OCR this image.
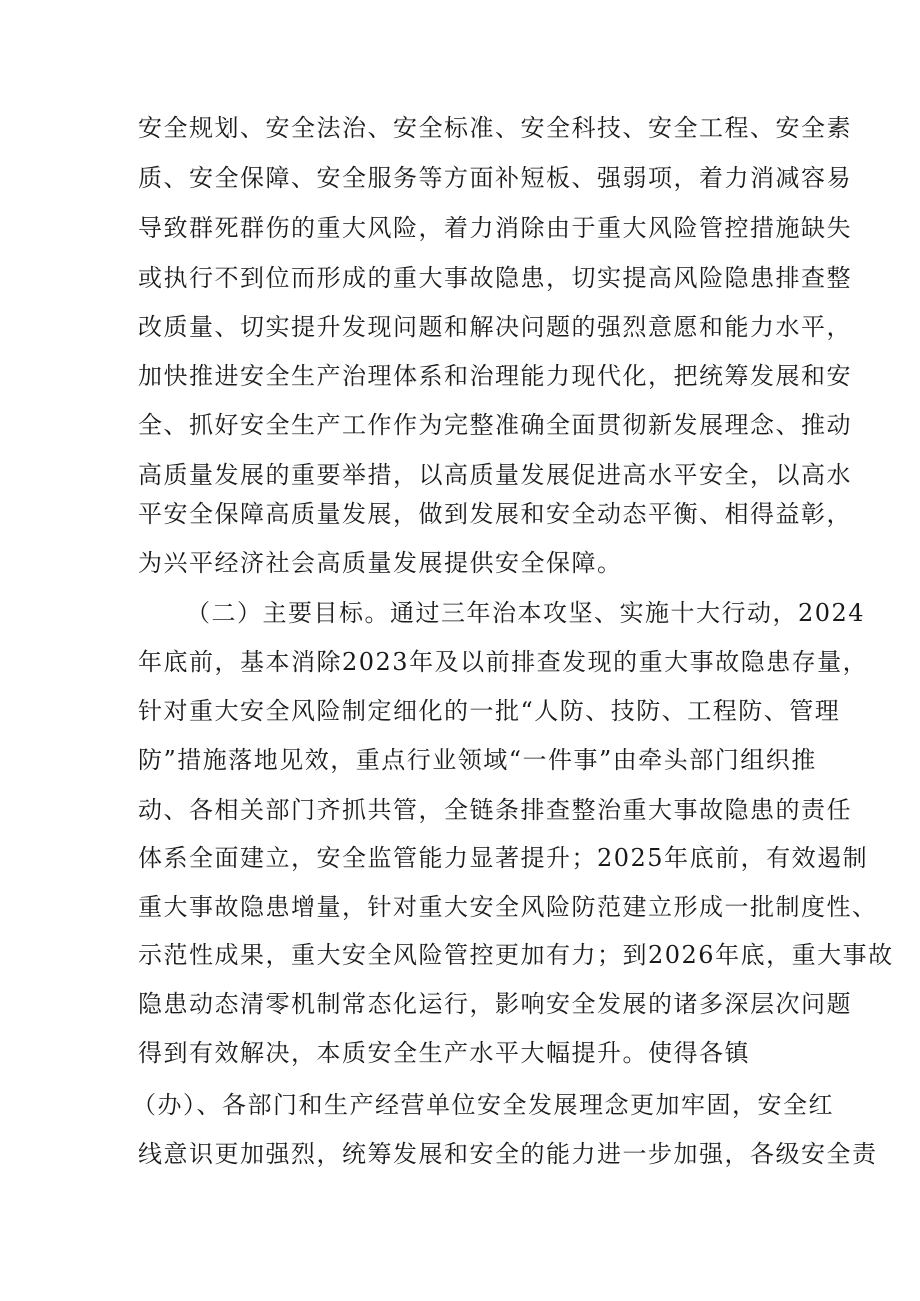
安全规划、安全法治、安全标准、安全科技、安全工程、安全素
质、安全保障、安全服务等方面补短板、强弱项，着力消减容易
导致群死群伤的重大风险，着力消除由于重大风险管控措施缺失
或执行不到位而形成的重大事故隐患，切实提高风险隐患排查整
改质量、切实提升发现问题和解决问题的强烈意愿和能力水平，
加快推进安全生产治理体系和治理能力现代化，把统筹发展和安
全、抓好安全生产工作作为完整准确全面贯彻新发展理念、推动
高质量发展的重要举措，以高质量发展促进高水平安全，以高水
平安全保障高质量发展，做到发展和安全动态平衡、相得益彰，
为兴平经济社会高质量发展提供安全保障。
（二）主要目标。通过三年治本攻坚、实施十大行动，2024
年底前，基本消除2023年及以前排查发现的重大事故隐患存量，
针对重大安全风险制定细化的一批“人防、技防、工程防、管理
防”措施落地见效，重点行业领域“一件事”由牵头部门组织推
动、各相关部门齐抓共管，全链条排查整治重大事故隐患的责任
体系全面建立，安全监管能力显著提升；2025年底前，有效遏制
重大事故隐患增量，针对重大安全风险防范建立形成一批制度性、
示范性成果，重大安全风险管控更加有力；到2026年底，重大事故
隐患动态清零机制常态化运行，影响安全发展的诸多深层次问题
得到有效解决，本质安全生产水平大幅提升。使得各镇
（办）、各部门和生产经营单位安全发展理念更加牢固，安全红
线意识更加强烈，统筹发展和安全的能力进一步加强，各级安全责
